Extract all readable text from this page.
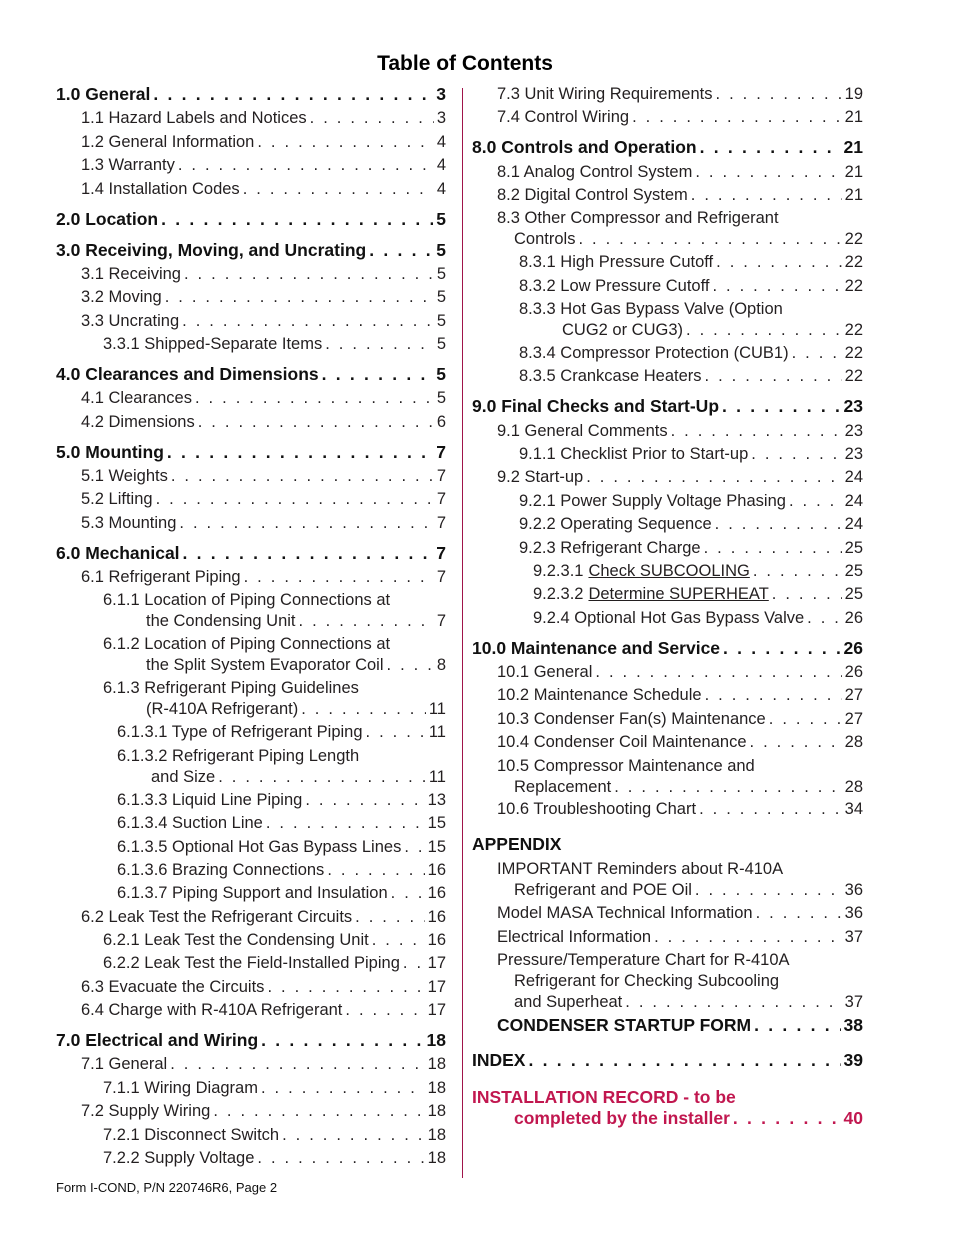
Table of Contents
1.0 General . . .	3
1.1 Hazard Labels and Notices . . .	3
1.2 General Information . . .	4
1.3 Warranty . . .	4
1.4 Installation Codes . . .	4
2.0 Location . . .	5
3.0 Receiving, Moving, and Uncrating . . .	5
3.1 Receiving . . .	5
3.2 Moving . . .	5
3.3 Uncrating . . .	5
3.3.1 Shipped-Separate Items . . .	5
4.0 Clearances and Dimensions . . .	5
4.1 Clearances . . .	5
4.2 Dimensions . . .	6
5.0 Mounting . . .	7
5.1 Weights . . .	7
5.2 Lifting . . .	7
5.3 Mounting . . .	7
6.0 Mechanical . . .	7
6.1 Refrigerant Piping . . .	7
6.1.1 Location of Piping Connections at
the Condensing Unit . . .	7
6.1.2 Location of Piping Connections at
the Split System Evaporator Coil . . .	8
6.1.3 Refrigerant Piping Guidelines
(R-410A Refrigerant) . . .	11
6.1.3.1 Type of Refrigerant Piping . . .	11
6.1.3.2 Refrigerant Piping Length
and Size . . .	11
6.1.3.3 Liquid Line Piping . . .	13
6.1.3.4 Suction Line . . .	15
6.1.3.5 Optional Hot Gas Bypass Lines . . . 15
6.1.3.6 Brazing Connections . . .	16
6.1.3.7 Piping Support and Insulation . . . 16
6.2 Leak Test the Refrigerant Circuits . . .	16
6.2.1 Leak Test the Condensing Unit . . .	16
6.2.2 Leak Test the Field-Installed Piping . . . 17
6.3 Evacuate the Circuits . . .	17
6.4 Charge with R-410A Refrigerant . . .	17
7.0 Electrical and Wiring . . .	18
7.1 General . . .	18
7.1.1 Wiring Diagram . . .	18
7.2 Supply Wiring . . .	18
7.2.1 Disconnect Switch . . .	18
7.2.2 Supply Voltage . . .	18
7.3 Unit Wiring Requirements . . .	19
7.4 Control Wiring . . .	21
8.0 Controls and Operation . . .	21
8.1 Analog Control System . . .	21
8.2 Digital Control System . . .	21
8.3 Other Compressor and Refrigerant
Controls . . .	22
8.3.1 High Pressure Cutoff . . .	22
8.3.2 Low Pressure Cutoff . . .	22
8.3.3 Hot Gas Bypass Valve (Option
CUG2 or CUG3) . . .	22
8.3.4 Compressor Protection (CUB1) . . .	22
8.3.5 Crankcase Heaters . . .	22
9.0 Final Checks and Start-Up . . .	23
9.1 General Comments . . .	23
9.1.1 Checklist Prior to Start-up . . .	23
9.2 Start-up . . .	24
9.2.1 Power Supply Voltage Phasing . . .	24
9.2.2 Operating Sequence . . .	24
9.2.3 Refrigerant Charge . . .	25
9.2.3.1 Check SUBCOOLING . . .	25
9.2.3.2 Determine SUPERHEAT . . .	25
9.2.4 Optional Hot Gas Bypass Valve . . . 26
10.0 Maintenance and Service . . .	26
10.1 General . . .	26
10.2 Maintenance Schedule . . .	27
10.3 Condenser Fan(s) Maintenance . . .	27
10.4 Condenser Coil Maintenance . . .	28
10.5 Compressor Maintenance and
Replacement . . .	28
10.6 Troubleshooting Chart . . .	34
APPENDIX
IMPORTANT Reminders about R-410A
Refrigerant and POE Oil . . .	36
Model MASA Technical Information . . .	36
Electrical Information . . .	37
Pressure/Temperature Chart for R-410A
Refrigerant for Checking Subcooling
and Superheat . . .	37
CONDENSER STARTUP FORM . . .	38
INDEX . . .	39
INSTALLATION RECORD - to be
completed by the installer . . .	40
Form I-COND, P/N 220746R6, Page 2
